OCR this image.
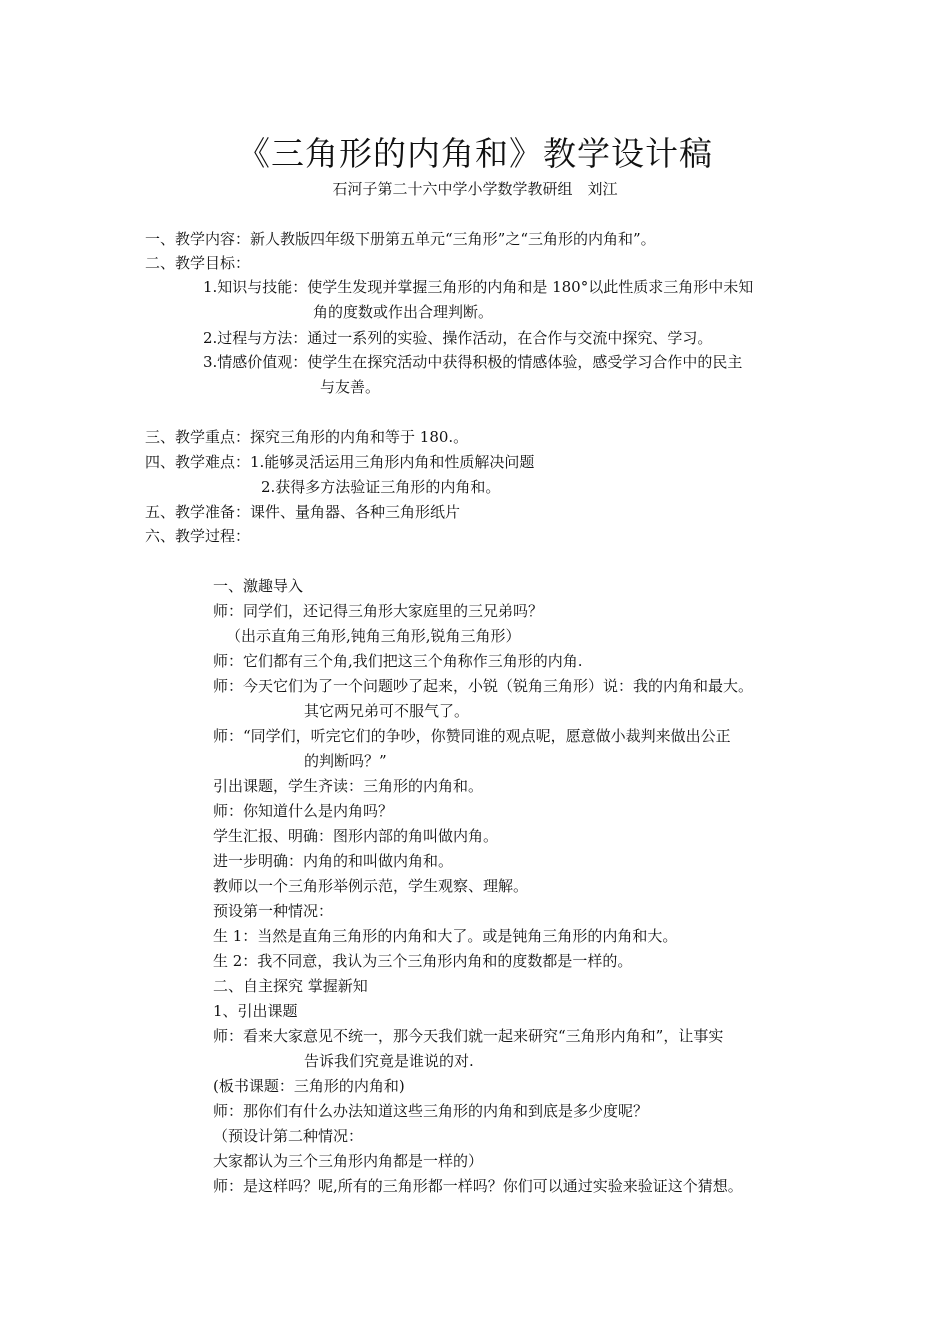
《三角形的内角和》教学设计稿
石河子第二十六中学小学数学教研组　刘江
一、教学内容：新人教版四年级下册第五单元“三角形”之“三角形的内角和”。
二、教学目标：
1.知识与技能：使学生发现并掌握三角形的内角和是 180°以此性质求三角形中未知
角的度数或作出合理判断。
2.过程与方法：通过一系列的实验、操作活动，在合作与交流中探究、学习。
3.情感价值观：使学生在探究活动中获得积极的情感体验，感受学习合作中的民主
与友善。
三、教学重点：探究三角形的内角和等于 180.。
四、教学难点：1.能够灵活运用三角形内角和性质解决问题
2.获得多方法验证三角形的内角和。
五、教学准备：课件、量角器、各种三角形纸片
六、教学过程：
一、激趣导入
师：同学们，还记得三角形大家庭里的三兄弟吗？
（出示直角三角形,钝角三角形,锐角三角形）
师：它们都有三个角,我们把这三个角称作三角形的内角.
师：今天它们为了一个问题吵了起来，小锐（锐角三角形）说：我的内角和最大。
其它两兄弟可不服气了。
师：“同学们，听完它们的争吵，你赞同谁的观点呢，愿意做小裁判来做出公正
的判断吗？”
引出课题，学生齐读：三角形的内角和。
师：你知道什么是内角吗？
学生汇报、明确：图形内部的角叫做内角。
进一步明确：内角的和叫做内角和。
教师以一个三角形举例示范，学生观察、理解。
预设第一种情况：
生 1：当然是直角三角形的内角和大了。或是钝角三角形的内角和大。
生 2：我不同意，我认为三个三角形内角和的度数都是一样的。
二、自主探究 掌握新知
1、引出课题
师：看来大家意见不统一，那今天我们就一起来研究“三角形内角和”，让事实
告诉我们究竟是谁说的对.
(板书课题：三角形的内角和)
师：那你们有什么办法知道这些三角形的内角和到底是多少度呢？
（预设计第二种情况：
大家都认为三个三角形内角都是一样的）
师：是这样吗？呢,所有的三角形都一样吗？你们可以通过实验来验证这个猜想。
